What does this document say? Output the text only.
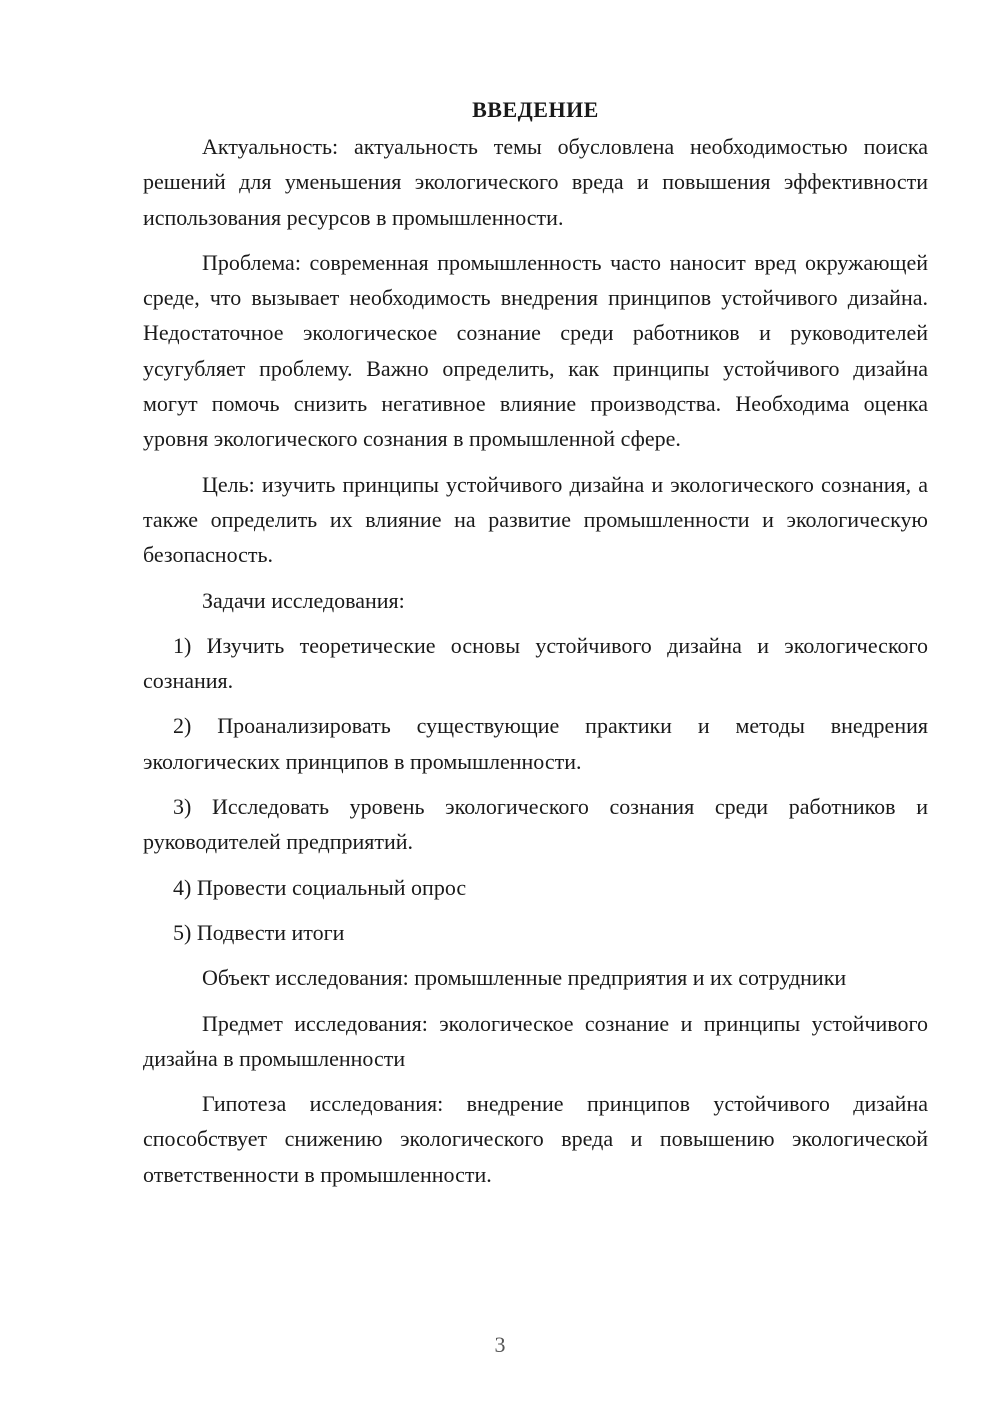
ВВЕДЕНИЕ

Актуальность: актуальность темы обусловлена необходимостью поиска решений для уменьшения экологического вреда и повышения эффективности использования ресурсов в промышленности.

Проблема: современная промышленность часто наносит вред окружающей среде, что вызывает необходимость внедрения принципов устойчивого дизайна. Недостаточное экологическое сознание среди работников и руководителей усугубляет проблему. Важно определить, как принципы устойчивого дизайна могут помочь снизить негативное влияние производства. Необходима оценка уровня экологического сознания в промышленной сфере.

Цель: изучить принципы устойчивого дизайна и экологического сознания, а также определить их влияние на развитие промышленности и экологическую безопасность.

Задачи исследования:

1) Изучить теоретические основы устойчивого дизайна и экологического сознания.

2) Проанализировать существующие практики и методы внедрения экологических принципов в промышленности.

3) Исследовать уровень экологического сознания среди работников и руководителей предприятий.

4) Провести социальный опрос

5) Подвести итоги

Объект исследования: промышленные предприятия и их сотрудники

Предмет исследования: экологическое сознание и принципы устойчивого дизайна в промышленности

Гипотеза исследования: внедрение принципов устойчивого дизайна способствует снижению экологического вреда и повышению экологической ответственности в промышленности.

3
